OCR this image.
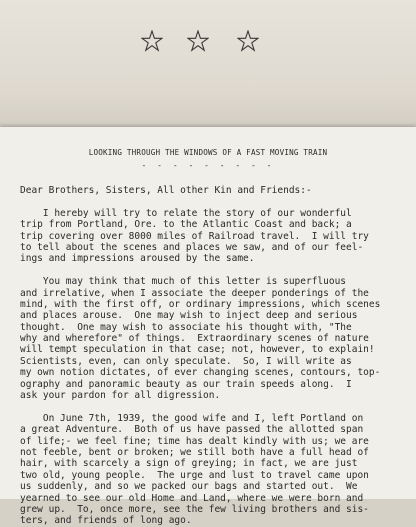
LOOKING THROUGH THE WINDOWS OF A FAST MOVING TRAIN
- - - - - - - - -
Dear Brothers, Sisters, All other Kin and Friends:-
I hereby will try to relate the story of our wonderful
trip from Portland, Ore. to the Atlantic Coast and back; a
trip covering over 8000 miles of Railroad travel.  I will try
to tell about the scenes and places we saw, and of our feel-
ings and impressions aroused by the same.
You may think that much of this letter is superfluous
and irrelative, when I associate the deeper ponderings of the
mind, with the first off, or ordinary impressions, which scenes
and places arouse.  One may wish to inject deep and serious
thought.  One may wish to associate his thought with, "The
why and wherefore" of things.  Extraordinary scenes of nature
will tempt speculation in that case; not, however, to explain!
Scientists, even, can only speculate.  So, I will write as
my own notion dictates, of ever changing scenes, contours, top-
ography and panoramic beauty as our train speeds along.  I
ask your pardon for all digression.
On June 7th, 1939, the good wife and I, left Portland on
a great Adventure.  Both of us have passed the allotted span
of life;- we feel fine; time has dealt kindly with us; we are
not feeble, bent or broken; we still both have a full head of
hair, with scarcely a sign of greying; in fact, we are just
two old, young people.  The urge and lust to travel came upon
us suddenly, and so we packed our bags and started out.  We
yearned to see our old Home and Land, where we were born and
grew up.  To, once more, see the few living brothers and sis-
ters, and friends of long ago.
